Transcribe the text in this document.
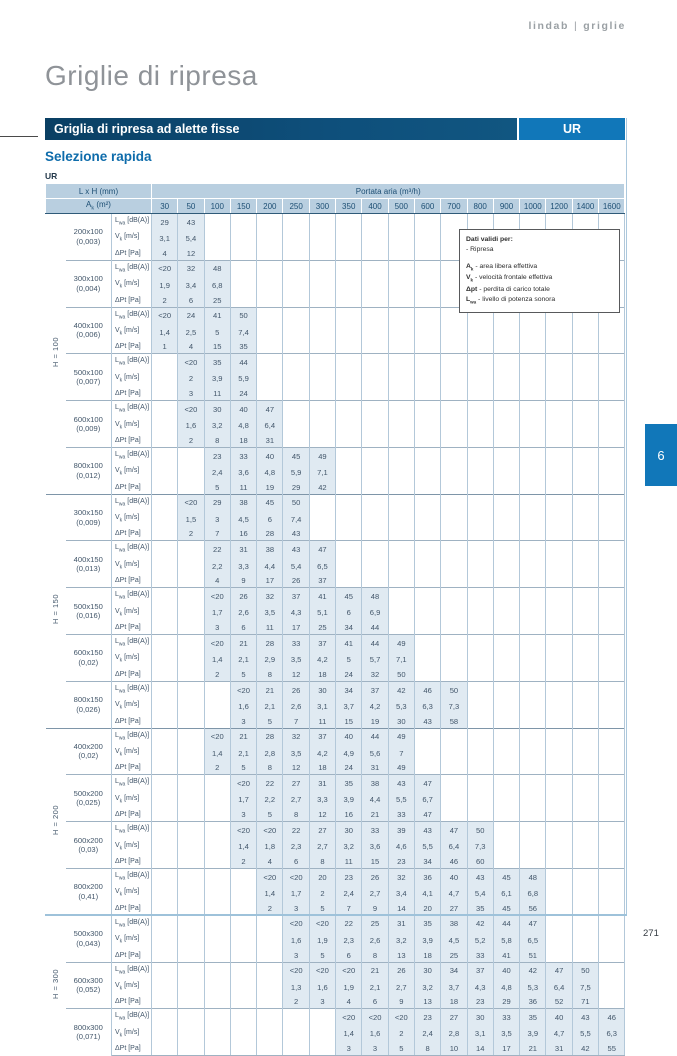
lindab | griglie
Griglie di ripresa
Griglia di ripresa ad alette fisse	UR
Selezione rapida
UR
L x H (mm)			Portata aria (m³/h)																	
$A_k$ (m²)			30	50	100	150	200	250	300	350	400	500	600	700	800	900	1000	1200	1400	1600
H = 100	200x100
(0,003)	$L_{wa}$ [dB(A)]	29	43																
		$V_k$ [m/s]	3,1	5,4																
		ΔPt [Pa]	4	12																

	300x100
(0,004)	$L_{wa}$ [dB(A)]	<20	32	48															
		$V_k$ [m/s]	1,9	3,4	6,8															
		ΔPt [Pa]	2	6	25															

	400x100
(0,006)	$L_{wa}$ [dB(A)]	<20	24	41	50														
		$V_k$ [m/s]	1,4	2,5	5	7,4														
		ΔPt [Pa]	1	4	15	35														

	500x100
(0,007)	$L_{wa}$ [dB(A)]		<20	35	44														
		$V_k$ [m/s]		2	3,9	5,9														
		ΔPt [Pa]		3	11	24														

	600x100
(0,009)	$L_{wa}$ [dB(A)]		<20	30	40	47													
		$V_k$ [m/s]		1,6	3,2	4,8	6,4													
		ΔPt [Pa]		2	8	18	31													

	800x100
(0,012)	$L_{wa}$ [dB(A)]			23	33	40	45	49											
		$V_k$ [m/s]			2,4	3,6	4,8	5,9	7,1											
		ΔPt [Pa]			5	11	19	29	42											
H = 150	300x150
(0,009)	$L_{wa}$ [dB(A)]		<20	29	38	45	50												
		$V_k$ [m/s]		1,5	3	4,5	6	7,4												
		ΔPt [Pa]		2	7	16	28	43												

	400x150
(0,013)	$L_{wa}$ [dB(A)]			22	31	38	43	47											
		$V_k$ [m/s]			2,2	3,3	4,4	5,4	6,5											
		ΔPt [Pa]			4	9	17	26	37											

	500x150
(0,016)	$L_{wa}$ [dB(A)]			<20	26	32	37	41	45	48									
		$V_k$ [m/s]			1,7	2,6	3,5	4,3	5,1	6	6,9									
		ΔPt [Pa]			3	6	11	17	25	34	44									

	600x150
(0,02)	$L_{wa}$ [dB(A)]			<20	21	28	33	37	41	44	49								
		$V_k$ [m/s]			1,4	2,1	2,9	3,5	4,2	5	5,7	7,1								
		ΔPt [Pa]			2	5	8	12	18	24	32	50								

	800x150
(0,026)	$L_{wa}$ [dB(A)]				<20	21	26	30	34	37	42	46	50						
		$V_k$ [m/s]				1,6	2,1	2,6	3,1	3,7	4,2	5,3	6,3	7,3						
		ΔPt [Pa]				3	5	7	11	15	19	30	43	58						
H = 200	400x200
(0,02)	$L_{wa}$ [dB(A)]			<20	21	28	32	37	40	44	49								
		$V_k$ [m/s]			1,4	2,1	2,8	3,5	4,2	4,9	5,6	7								
		ΔPt [Pa]			2	5	8	12	18	24	31	49								

	500x200
(0,025)	$L_{wa}$ [dB(A)]				<20	22	27	31	35	38	43	47							
		$V_k$ [m/s]				1,7	2,2	2,7	3,3	3,9	4,4	5,5	6,7							
		ΔPt [Pa]				3	5	8	12	16	21	33	47							

	600x200
(0,03)	$L_{wa}$ [dB(A)]				<20	<20	22	27	30	33	39	43	47	50					
		$V_k$ [m/s]				1,4	1,8	2,3	2,7	3,2	3,6	4,6	5,5	6,4	7,3					
		ΔPt [Pa]				2	4	6	8	11	15	23	34	46	60					

	800x200
(0,41)	$L_{wa}$ [dB(A)]					<20	<20	20	23	26	32	36	40	43	45	48			
		$V_k$ [m/s]					1,4	1,7	2	2,4	2,7	3,4	4,1	4,7	5,4	6,1	6,8			
		ΔPt [Pa]					2	3	5	7	9	14	20	27	35	45	56			
H = 300	500x300
(0,043)	$L_{wa}$ [dB(A)]						<20	<20	22	25	31	35	38	42	44	47			
		$V_k$ [m/s]						1,6	1,9	2,3	2,6	3,2	3,9	4,5	5,2	5,8	6,5			
		ΔPt [Pa]						3	5	6	8	13	18	25	33	41	51			

	600x300
(0,052)	$L_{wa}$ [dB(A)]						<20	<20	<20	21	26	30	34	37	40	42	47	50	
		$V_k$ [m/s]						1,3	1,6	1,9	2,1	2,7	3,2	3,7	4,3	4,8	5,3	6,4	7,5	
		ΔPt [Pa]						2	3	4	6	9	13	18	23	29	36	52	71	

	800x300
(0,071)	$L_{wa}$ [dB(A)]								<20	<20	<20	23	27	30	33	35	40	43	46
		$V_k$ [m/s]								1,4	1,6	2	2,4	2,8	3,1	3,5	3,9	4,7	5,5	6,3
		ΔPt [Pa]								3	3	5	8	10	14	17	21	31	42	55
Dati validi per:
- Ripresa
$A_k$ - area libera effettiva
$V_k$ - velocità frontale effettiva
Δpt - perdita di carico totale
$L_{wa}$ - livello di potenza sonora
6
271
